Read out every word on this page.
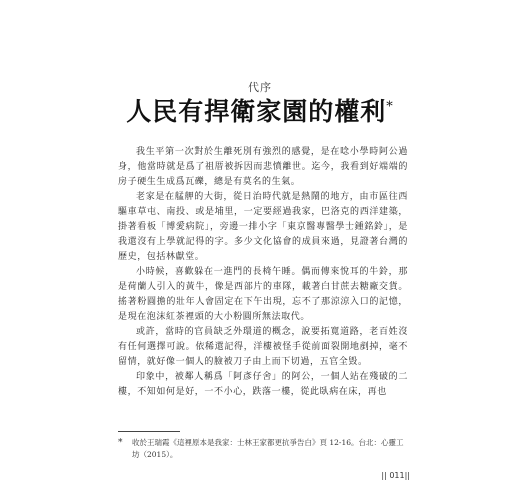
代序
人民有捍衛家園的權利*

我生平第一次對於生離死別有強烈的感覺，是在唸小學時阿公過身，他當時就是爲了祖厝被拆因而悲憤離世。迄今，我看到好端端的房子硬生生成爲瓦礫，總是有莫名的生氣。

老家是在艋舺的大街，從日治時代就是熱鬧的地方，由市區往西驅車草屯、南投、或是埔里，一定要經過我家，巴洛克的西洋建築，掛著看板「博愛病院」，旁邊一排小字「東京醫專醫學士鍾銘鈴」，是我還沒有上學就記得的字。多少文化協會的成員來過，見證著台灣的歷史，包括林獻堂。

小時候，喜歡躲在一進門的長椅午睡。偶而傳來悅耳的牛鈴，那是荷蘭人引入的黃牛，像是西部片的車隊，載著白甘蔗去糖廠交貨。搖著粉圓擔的壯年人會固定在下午出現，忘不了那涼涼入口的記憶，是現在泡沫紅茶裡頭的大小粉圓所無法取代。

或許，當時的官員缺乏外環道的概念，說要拓寬道路，老百姓沒有任何選擇可說。依稀還記得，洋樓被怪手從前面裂開地剷掉，毫不留情，就好像一個人的臉被刀子由上而下切過，五官全毀。

印象中，被鄰人稱爲「阿彥仔舍」的阿公，一個人站在殘破的二樓，不知如何是好，一不小心，跌落一樓，從此臥病在床，再也

*	收於王瑞霞《這裡原本是我家：士林王家都更抗爭告白》頁 12-16。台北：心靈工坊（2015）。
|| 011||
